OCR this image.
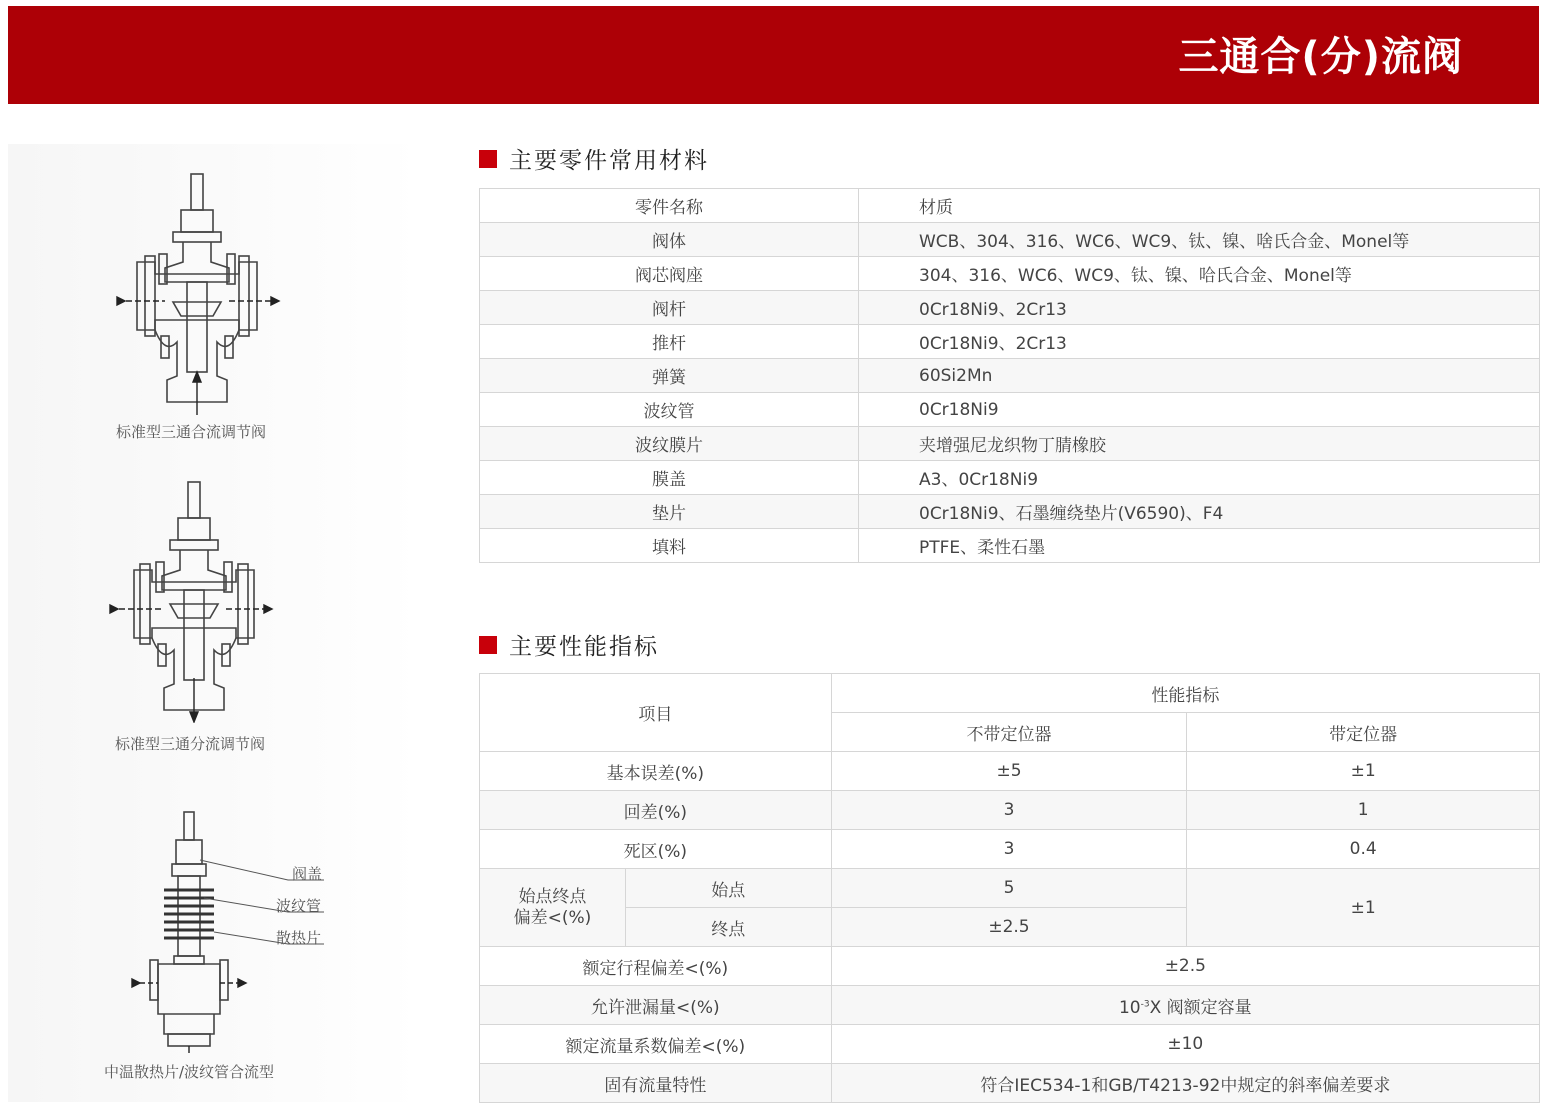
三通合(分)流阀
标准型三通合流调节阀
标准型三通分流调节阀
阀盖
波纹管
散热片
中温散热片/波纹管合流型
主要零件常用材料
零件名称	材质
阀体	WCB、304、316、WC6、WC9、钛、镍、啥氏合金、Monel等
阀芯阀座	304、316、WC6、WC9、钛、镍、哈氏合金、Monel等
阀杆	0Cr18Ni9、2Cr13
推杆	0Cr18Ni9、2Cr13
弹簧	60Si2Mn
波纹管	0Cr18Ni9
波纹膜片	夹增强尼龙织物丁腈橡胶
膜盖	A3、0Cr18Ni9
垫片	0Cr18Ni9、石墨缠绕垫片(V6590)、F4
填料	PTFE、柔性石墨
主要性能指标
项目		性能指标	
		不带定位器	带定位器
基本误差(%)		±5	±1
回差(%)		3	1
死区(%)		3	0.4
始点终点
偏差<(%)	始点	5	±1
	终点	±2.5	
额定行程偏差<(%)		±2.5	
允许泄漏量<(%)		$10^{-3}X$ 阀额定容量	
额定流量系数偏差<(%)		±10	
固有流量特性		符合IEC534-1和GB/T4213-92中规定的斜率偏差要求	
